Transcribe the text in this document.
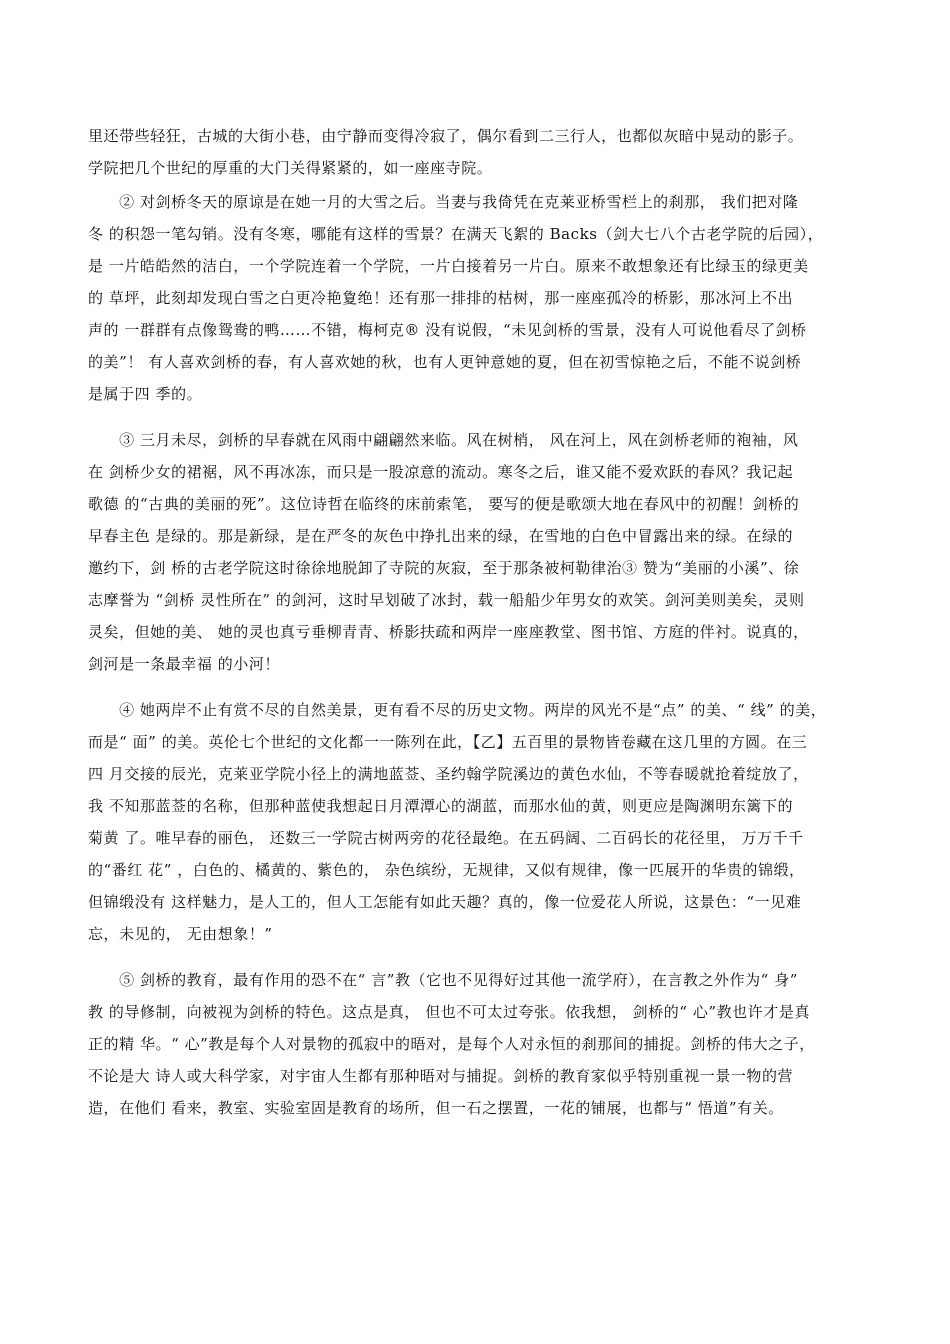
里还带些轻狂，古城的大街小巷，由宁静而变得冷寂了，偶尔看到二三行人，也都似灰暗中晃动的影子。
学院把几个世纪的厚重的大门关得紧紧的，如一座座寺院。
　　② 对剑桥冬天的原谅是在她一月的大雪之后。当妻与我倚凭在克莱亚桥雪栏上的刹那， 我们把对隆
冬 的积怨一笔勾销。没有冬寒，哪能有这样的雪景？在满天飞絮的 Backs（剑大七八个古老学院的后园），
是 一片皓皓然的洁白，一个学院连着一个学院，一片白接着另一片白。原来不敢想象还有比绿玉的绿更美
的 草坪，此刻却发现白雪之白更冷艳夐绝！还有那一排排的枯树，那一座座孤冷的桥影，那冰河上不出
声的 一群群有点像鸳鸯的鸭……不错，梅柯克® 没有说假，“未见剑桥的雪景，没有人可说他看尽了剑桥
的美”！ 有人喜欢剑桥的春，有人喜欢她的秋，也有人更钟意她的夏，但在初雪惊艳之后，不能不说剑桥
是属于四 季的。
　　③ 三月未尽，剑桥的早春就在风雨中翩翩然来临。风在树梢， 风在河上，风在剑桥老师的袍袖，风
在 剑桥少女的裙裾，风不再冰冻，而只是一股凉意的流动。寒冬之后，谁又能不爱欢跃的春风？我记起
歌德 的“古典的美丽的死”。这位诗哲在临终的床前索笔， 要写的便是歌颂大地在春风中的初醒！剑桥的
早春主色 是绿的。那是新绿，是在严冬的灰色中挣扎出来的绿，在雪地的白色中冒露出来的绿。在绿的
邀约下，剑 桥的古老学院这时徐徐地脱卸了寺院的灰寂，至于那条被柯勒律治③ 赞为“美丽的小溪”、徐
志摩誉为 “剑桥 灵性所在” 的剑河，这时早划破了冰封，载一船船少年男女的欢笑。剑河美则美矣，灵则
灵矣，但她的美、 她的灵也真亏垂柳青青、桥影扶疏和两岸一座座教堂、图书馆、方庭的伴衬。说真的，
剑河是一条最幸福 的小河！
　　④ 她两岸不止有赏不尽的自然美景，更有看不尽的历史文物。两岸的风光不是“点” 的美、“ 线” 的美，
而是“ 面” 的美。英伦七个世纪的文化都一一陈列在此，【乙】五百里的景物皆卷藏在这几里的方圆。在三
四 月交接的辰光，克莱亚学院小径上的满地蓝莶、圣约翰学院溪边的黄色水仙，不等春暖就抢着绽放了，
我 不知那蓝莶的名称，但那种蓝使我想起日月潭潭心的湖蓝，而那水仙的黄，则更应是陶渊明东篱下的
菊黄 了。唯早春的丽色， 还数三一学院古树两旁的花径最绝。在五码阔、二百码长的花径里， 万万千千
的“番红 花” ，白色的、橘黄的、紫色的， 杂色缤纷，无规律，又似有规律，像一匹展开的华贵的锦缎，
但锦缎没有 这样魅力，是人工的，但人工怎能有如此天趣？真的，像一位爱花人所说，这景色：“一见难
忘，未见的， 无由想象！”
　　⑤ 剑桥的教育，最有作用的恐不在“ 言”教（它也不见得好过其他一流学府），在言教之外作为“ 身”
教 的导修制，向被视为剑桥的特色。这点是真， 但也不可太过夸张。依我想， 剑桥的“ 心”教也许才是真
正的精 华。“ 心”教是每个人对景物的孤寂中的晤对，是每个人对永恒的刹那间的捕捉。剑桥的伟大之子，
不论是大 诗人或大科学家，对宇宙人生都有那种晤对与捕捉。剑桥的教育家似乎特别重视一景一物的营
造，在他们 看来，教室、实验室固是教育的场所，但一石之摆置，一花的铺展，也都与“ 悟道”有关。
